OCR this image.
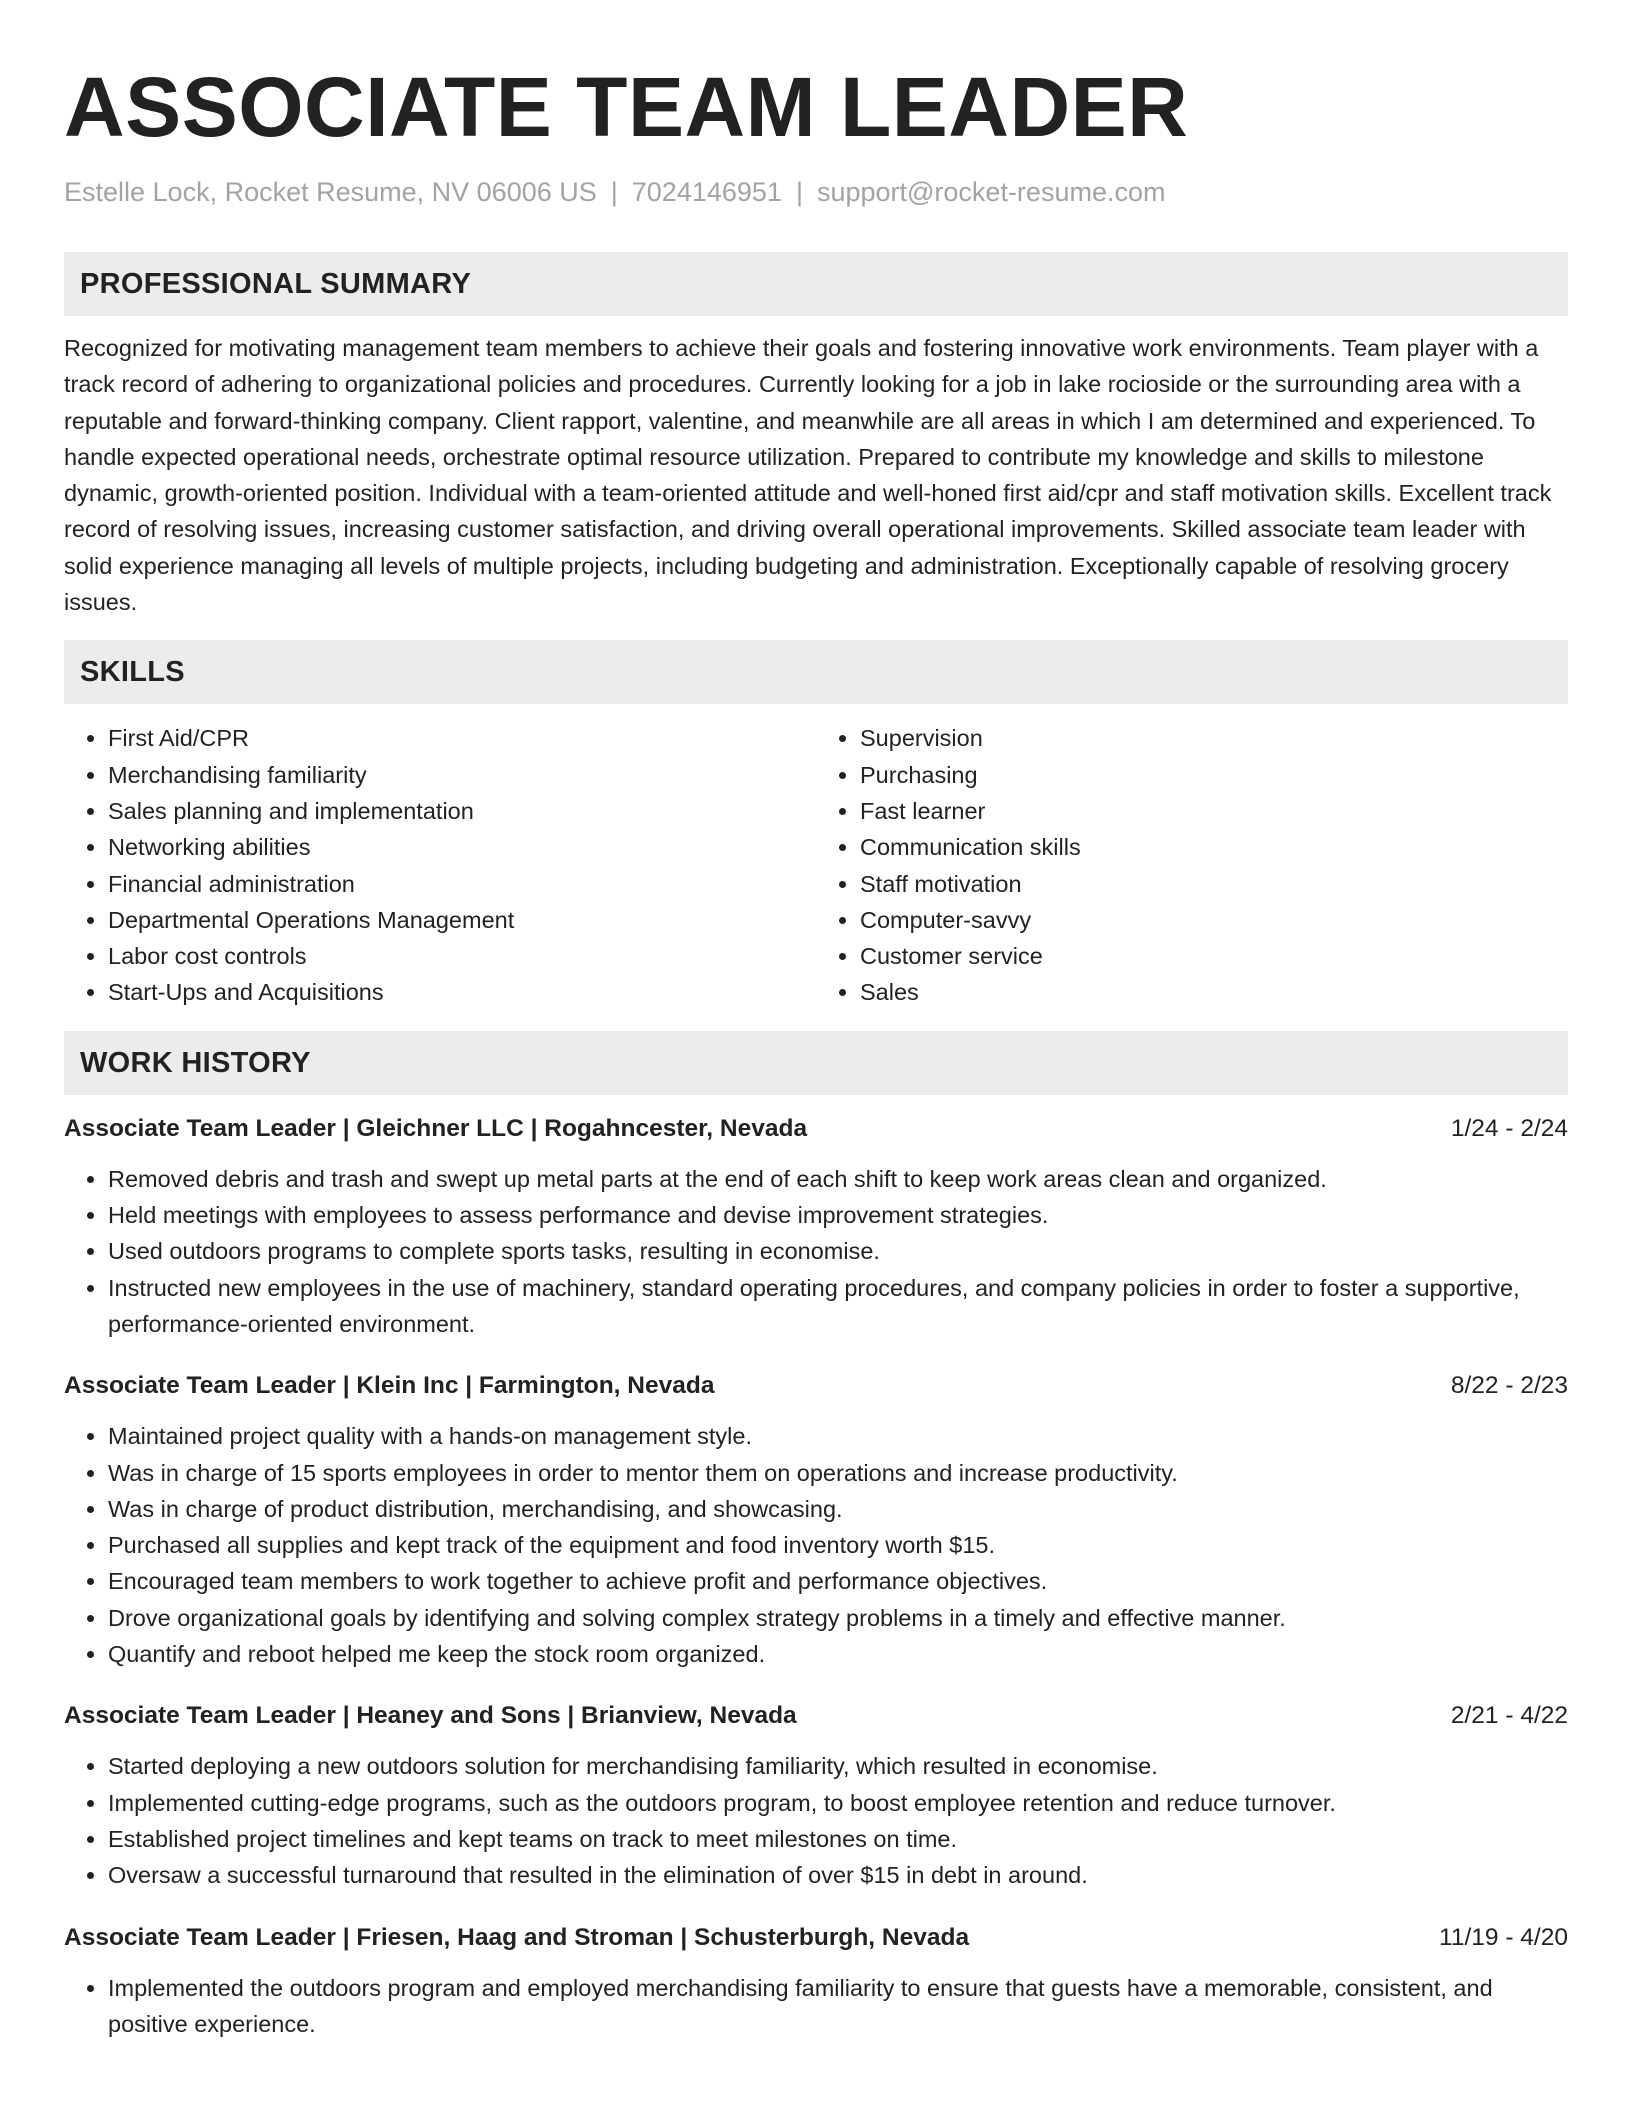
ASSOCIATE TEAM LEADER
Estelle Lock, Rocket Resume, NV 06006 US | 7024146951 | support@rocket-resume.com
PROFESSIONAL SUMMARY

Recognized for motivating management team members to achieve their goals and fostering innovative work environments. Team player with a track record of adhering to organizational policies and procedures. Currently looking for a job in lake rocioside or the surrounding area with a reputable and forward-thinking company. Client rapport, valentine, and meanwhile are all areas in which I am determined and experienced. To handle expected operational needs, orchestrate optimal resource utilization. Prepared to contribute my knowledge and skills to milestone dynamic, growth-oriented position. Individual with a team-oriented attitude and well-honed first aid/cpr and staff motivation skills. Excellent track record of resolving issues, increasing customer satisfaction, and driving overall operational improvements. Skilled associate team leader with solid experience managing all levels of multiple projects, including budgeting and administration. Exceptionally capable of resolving grocery issues.

SKILLS
• First Aid/CPR
• Merchandising familiarity
• Sales planning and implementation
• Networking abilities
• Financial administration
• Departmental Operations Management
• Labor cost controls
• Start-Ups and Acquisitions
• Supervision
• Purchasing
• Fast learner
• Communication skills
• Staff motivation
• Computer-savvy
• Customer service
• Sales
WORK HISTORY
Associate Team Leader | Gleichner LLC | Rogahncester, Nevada	1/24 - 2/24
• Removed debris and trash and swept up metal parts at the end of each shift to keep work areas clean and organized.
• Held meetings with employees to assess performance and devise improvement strategies.
• Used outdoors programs to complete sports tasks, resulting in economise.
• Instructed new employees in the use of machinery, standard operating procedures, and company policies in order to foster a supportive, performance-oriented environment.
Associate Team Leader | Klein Inc | Farmington, Nevada	8/22 - 2/23
• Maintained project quality with a hands-on management style.
• Was in charge of 15 sports employees in order to mentor them on operations and increase productivity.
• Was in charge of product distribution, merchandising, and showcasing.
• Purchased all supplies and kept track of the equipment and food inventory worth $15.
• Encouraged team members to work together to achieve profit and performance objectives.
• Drove organizational goals by identifying and solving complex strategy problems in a timely and effective manner.
• Quantify and reboot helped me keep the stock room organized.
Associate Team Leader | Heaney and Sons | Brianview, Nevada	2/21 - 4/22
• Started deploying a new outdoors solution for merchandising familiarity, which resulted in economise.
• Implemented cutting-edge programs, such as the outdoors program, to boost employee retention and reduce turnover.
• Established project timelines and kept teams on track to meet milestones on time.
• Oversaw a successful turnaround that resulted in the elimination of over $15 in debt in around.
Associate Team Leader | Friesen, Haag and Stroman | Schusterburgh, Nevada	11/19 - 4/20
• Implemented the outdoors program and employed merchandising familiarity to ensure that guests have a memorable, consistent, and positive experience.
